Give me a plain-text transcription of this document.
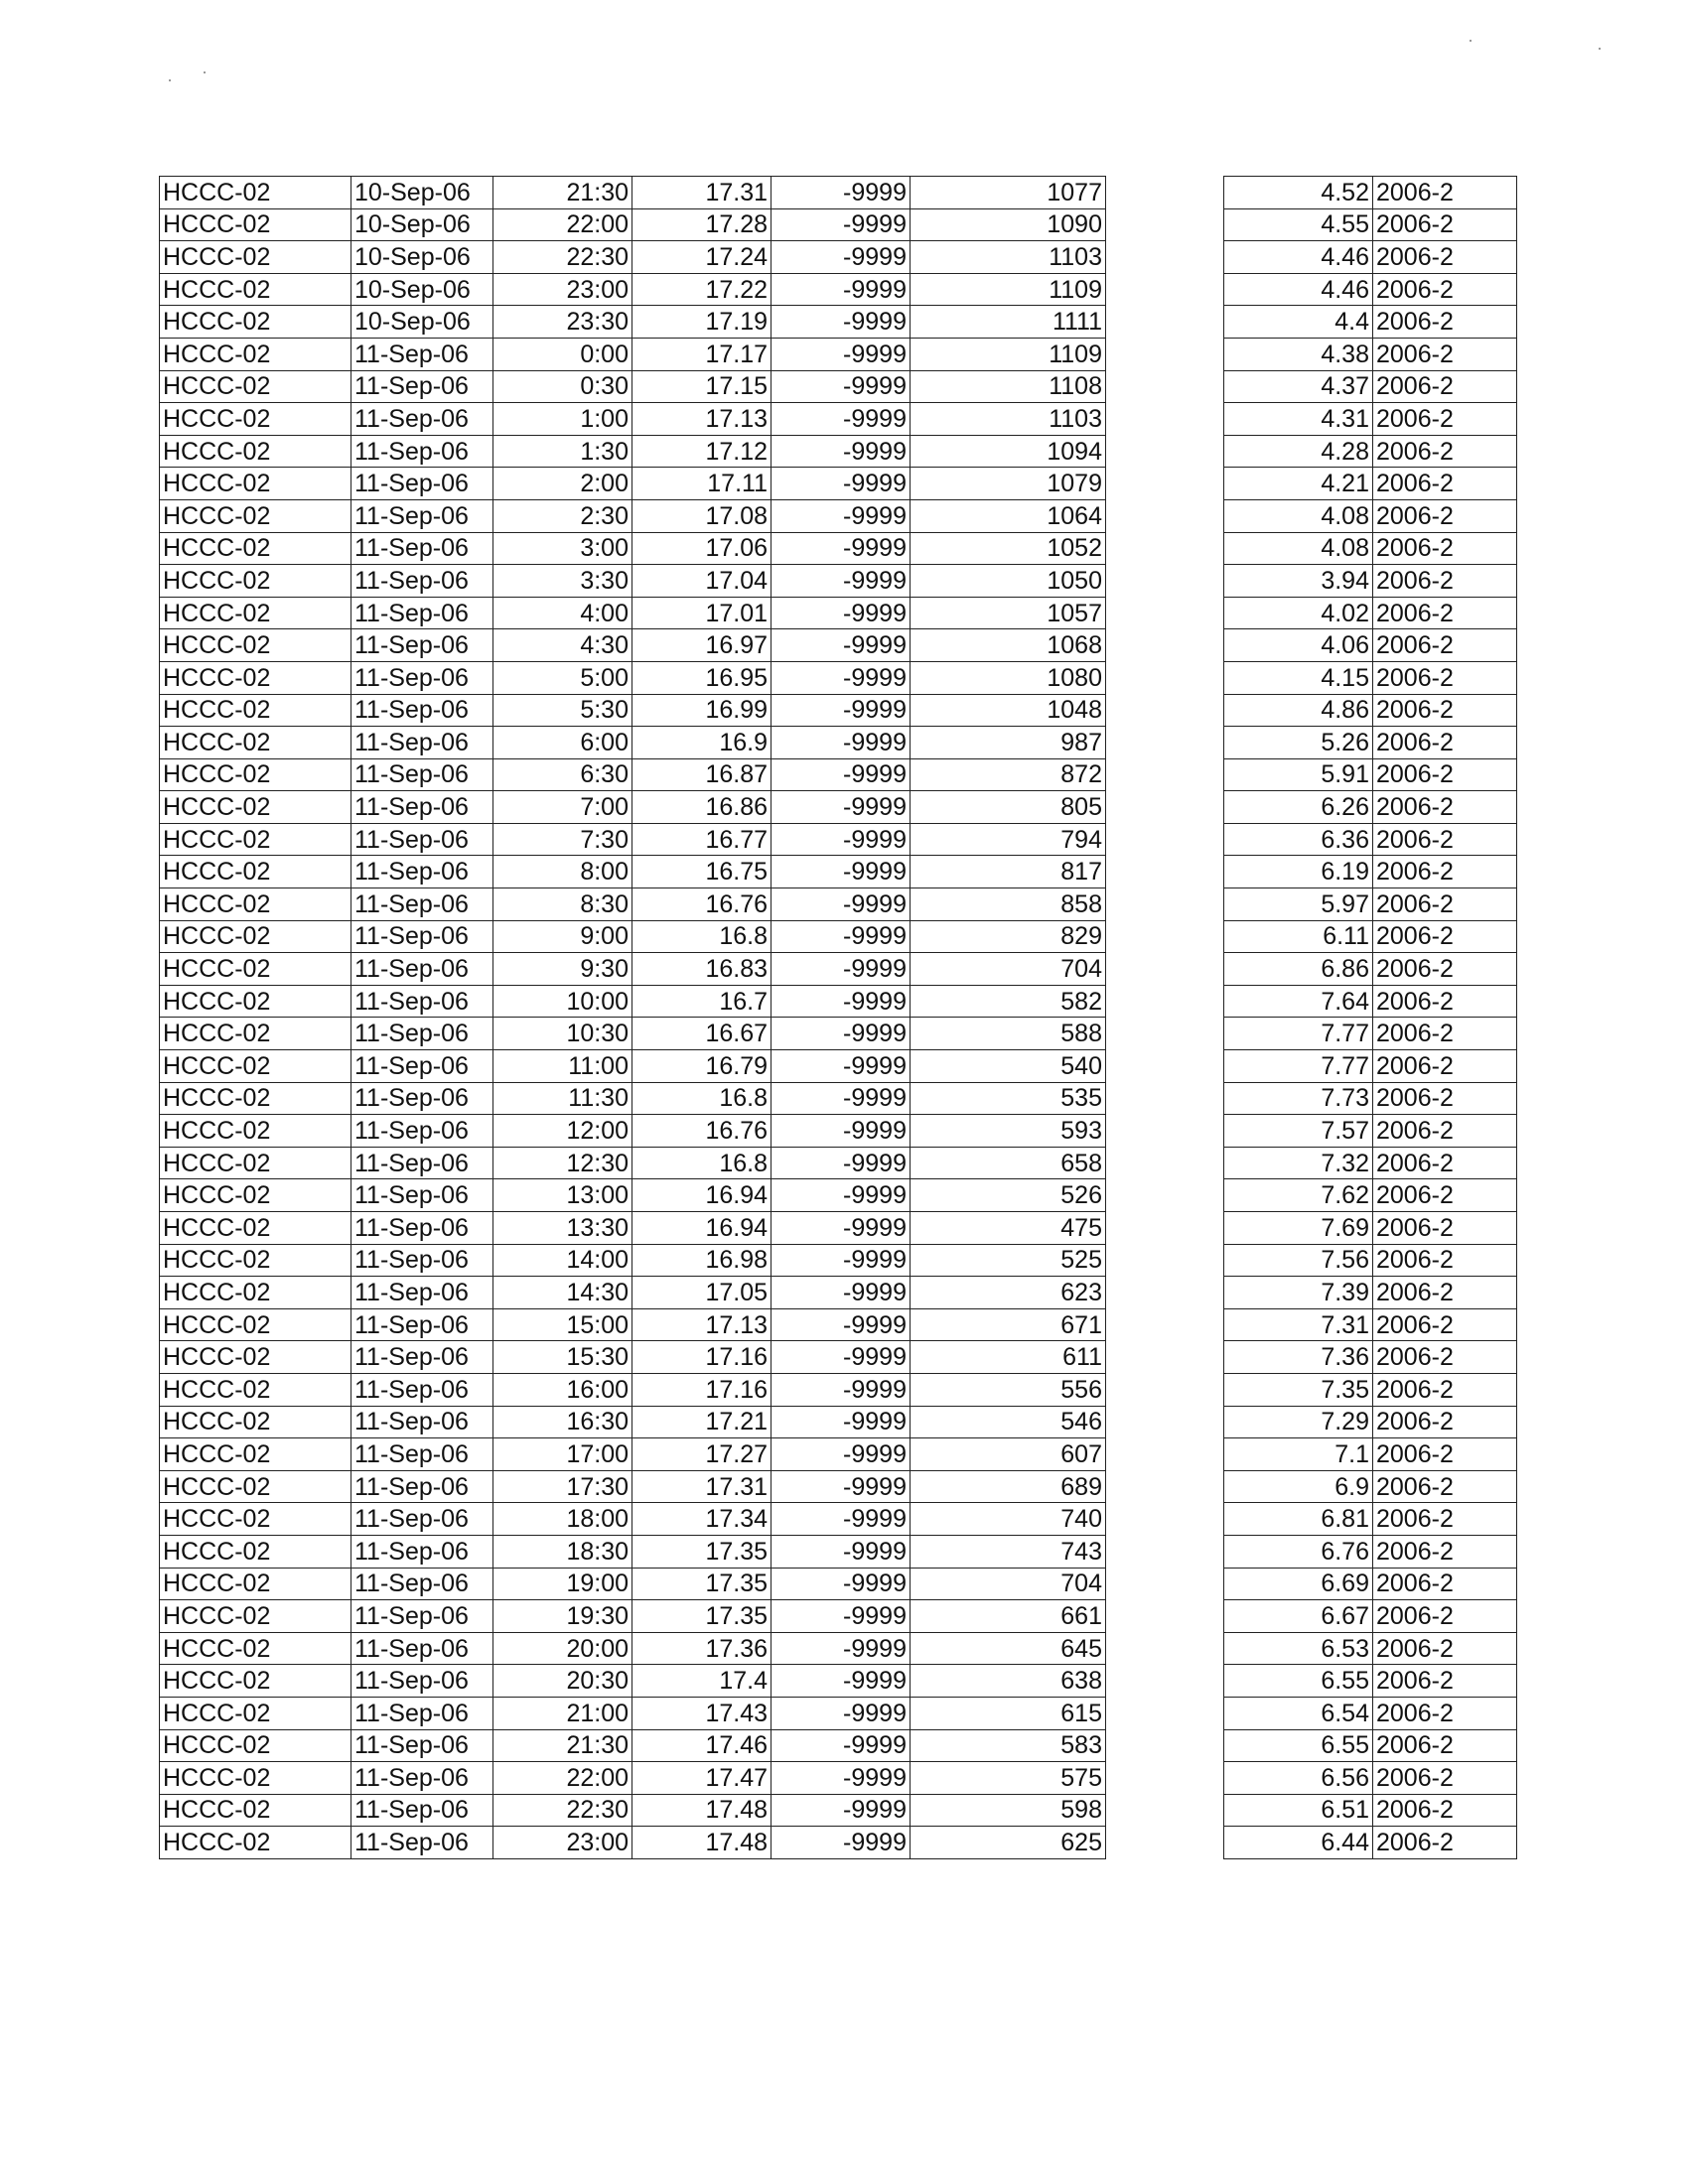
HCCC-02	10-Sep-06	21:30	17.31	-9999	1077
HCCC-02	10-Sep-06	22:00	17.28	-9999	1090
HCCC-02	10-Sep-06	22:30	17.24	-9999	1103
HCCC-02	10-Sep-06	23:00	17.22	-9999	1109
HCCC-02	10-Sep-06	23:30	17.19	-9999	1111
HCCC-02	11-Sep-06	0:00	17.17	-9999	1109
HCCC-02	11-Sep-06	0:30	17.15	-9999	1108
HCCC-02	11-Sep-06	1:00	17.13	-9999	1103
HCCC-02	11-Sep-06	1:30	17.12	-9999	1094
HCCC-02	11-Sep-06	2:00	17.11	-9999	1079
HCCC-02	11-Sep-06	2:30	17.08	-9999	1064
HCCC-02	11-Sep-06	3:00	17.06	-9999	1052
HCCC-02	11-Sep-06	3:30	17.04	-9999	1050
HCCC-02	11-Sep-06	4:00	17.01	-9999	1057
HCCC-02	11-Sep-06	4:30	16.97	-9999	1068
HCCC-02	11-Sep-06	5:00	16.95	-9999	1080
HCCC-02	11-Sep-06	5:30	16.99	-9999	1048
HCCC-02	11-Sep-06	6:00	16.9	-9999	987
HCCC-02	11-Sep-06	6:30	16.87	-9999	872
HCCC-02	11-Sep-06	7:00	16.86	-9999	805
HCCC-02	11-Sep-06	7:30	16.77	-9999	794
HCCC-02	11-Sep-06	8:00	16.75	-9999	817
HCCC-02	11-Sep-06	8:30	16.76	-9999	858
HCCC-02	11-Sep-06	9:00	16.8	-9999	829
HCCC-02	11-Sep-06	9:30	16.83	-9999	704
HCCC-02	11-Sep-06	10:00	16.7	-9999	582
HCCC-02	11-Sep-06	10:30	16.67	-9999	588
HCCC-02	11-Sep-06	11:00	16.79	-9999	540
HCCC-02	11-Sep-06	11:30	16.8	-9999	535
HCCC-02	11-Sep-06	12:00	16.76	-9999	593
HCCC-02	11-Sep-06	12:30	16.8	-9999	658
HCCC-02	11-Sep-06	13:00	16.94	-9999	526
HCCC-02	11-Sep-06	13:30	16.94	-9999	475
HCCC-02	11-Sep-06	14:00	16.98	-9999	525
HCCC-02	11-Sep-06	14:30	17.05	-9999	623
HCCC-02	11-Sep-06	15:00	17.13	-9999	671
HCCC-02	11-Sep-06	15:30	17.16	-9999	611
HCCC-02	11-Sep-06	16:00	17.16	-9999	556
HCCC-02	11-Sep-06	16:30	17.21	-9999	546
HCCC-02	11-Sep-06	17:00	17.27	-9999	607
HCCC-02	11-Sep-06	17:30	17.31	-9999	689
HCCC-02	11-Sep-06	18:00	17.34	-9999	740
HCCC-02	11-Sep-06	18:30	17.35	-9999	743
HCCC-02	11-Sep-06	19:00	17.35	-9999	704
HCCC-02	11-Sep-06	19:30	17.35	-9999	661
HCCC-02	11-Sep-06	20:00	17.36	-9999	645
HCCC-02	11-Sep-06	20:30	17.4	-9999	638
HCCC-02	11-Sep-06	21:00	17.43	-9999	615
HCCC-02	11-Sep-06	21:30	17.46	-9999	583
HCCC-02	11-Sep-06	22:00	17.47	-9999	575
HCCC-02	11-Sep-06	22:30	17.48	-9999	598
HCCC-02	11-Sep-06	23:00	17.48	-9999	625
4.52	2006-2
4.55	2006-2
4.46	2006-2
4.46	2006-2
4.4	2006-2
4.38	2006-2
4.37	2006-2
4.31	2006-2
4.28	2006-2
4.21	2006-2
4.08	2006-2
4.08	2006-2
3.94	2006-2
4.02	2006-2
4.06	2006-2
4.15	2006-2
4.86	2006-2
5.26	2006-2
5.91	2006-2
6.26	2006-2
6.36	2006-2
6.19	2006-2
5.97	2006-2
6.11	2006-2
6.86	2006-2
7.64	2006-2
7.77	2006-2
7.77	2006-2
7.73	2006-2
7.57	2006-2
7.32	2006-2
7.62	2006-2
7.69	2006-2
7.56	2006-2
7.39	2006-2
7.31	2006-2
7.36	2006-2
7.35	2006-2
7.29	2006-2
7.1	2006-2
6.9	2006-2
6.81	2006-2
6.76	2006-2
6.69	2006-2
6.67	2006-2
6.53	2006-2
6.55	2006-2
6.54	2006-2
6.55	2006-2
6.56	2006-2
6.51	2006-2
6.44	2006-2
